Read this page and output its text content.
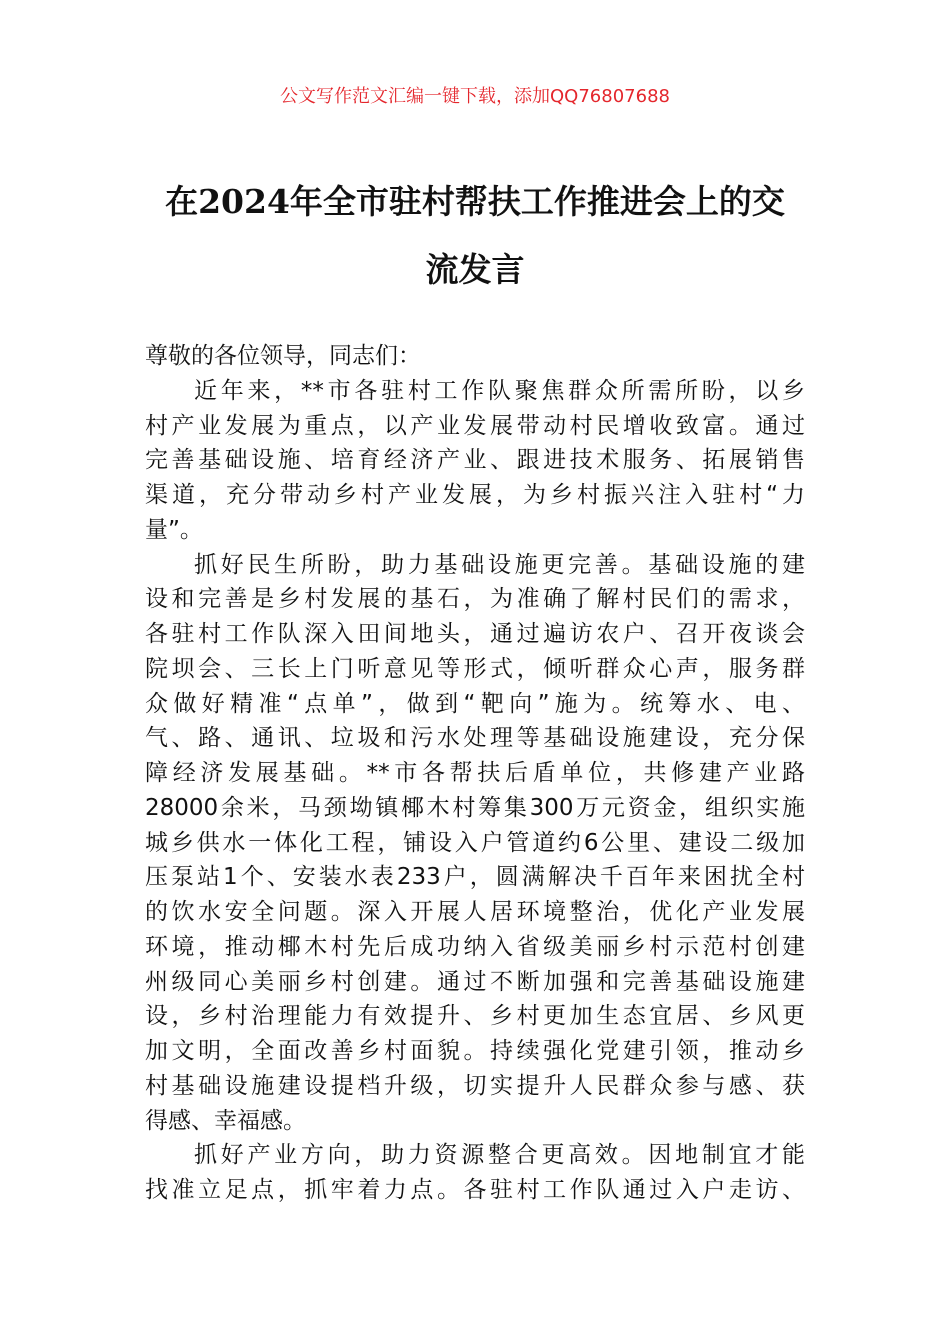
公文写作范文汇编一键下载，添加QQ76807688
在2024年全市驻村帮扶工作推进会上的交
流发言
尊敬的各位领导，同志们：
近年来，**市各驻村工作队聚焦群众所需所盼，以乡
村产业发展为重点，以产业发展带动村民增收致富。通过
完善基础设施、培育经济产业、跟进技术服务、拓展销售
渠道，充分带动乡村产业发展，为乡村振兴注入驻村“力
量”。
抓好民生所盼，助力基础设施更完善。基础设施的建
设和完善是乡村发展的基石，为准确了解村民们的需求，
各驻村工作队深入田间地头，通过遍访农户、召开夜谈会
院坝会、三长上门听意见等形式，倾听群众心声，服务群
众做好精准“点单”，做到“靶向”施为。统筹水、电、
气、路、通讯、垃圾和污水处理等基础设施建设，充分保
障经济发展基础。**市各帮扶后盾单位，共修建产业路
28000余米，马颈坳镇椰木村筹集300万元资金，组织实施
城乡供水一体化工程，铺设入户管道约6公里、建设二级加
压泵站1个、安装水表233户，圆满解决千百年来困扰全村
的饮水安全问题。深入开展人居环境整治，优化产业发展
环境，推动椰木村先后成功纳入省级美丽乡村示范村创建
州级同心美丽乡村创建。通过不断加强和完善基础设施建
设，乡村治理能力有效提升、乡村更加生态宜居、乡风更
加文明，全面改善乡村面貌。持续强化党建引领，推动乡
村基础设施建设提档升级，切实提升人民群众参与感、获
得感、幸福感。
抓好产业方向，助力资源整合更高效。因地制宜才能
找准立足点，抓牢着力点。各驻村工作队通过入户走访、
